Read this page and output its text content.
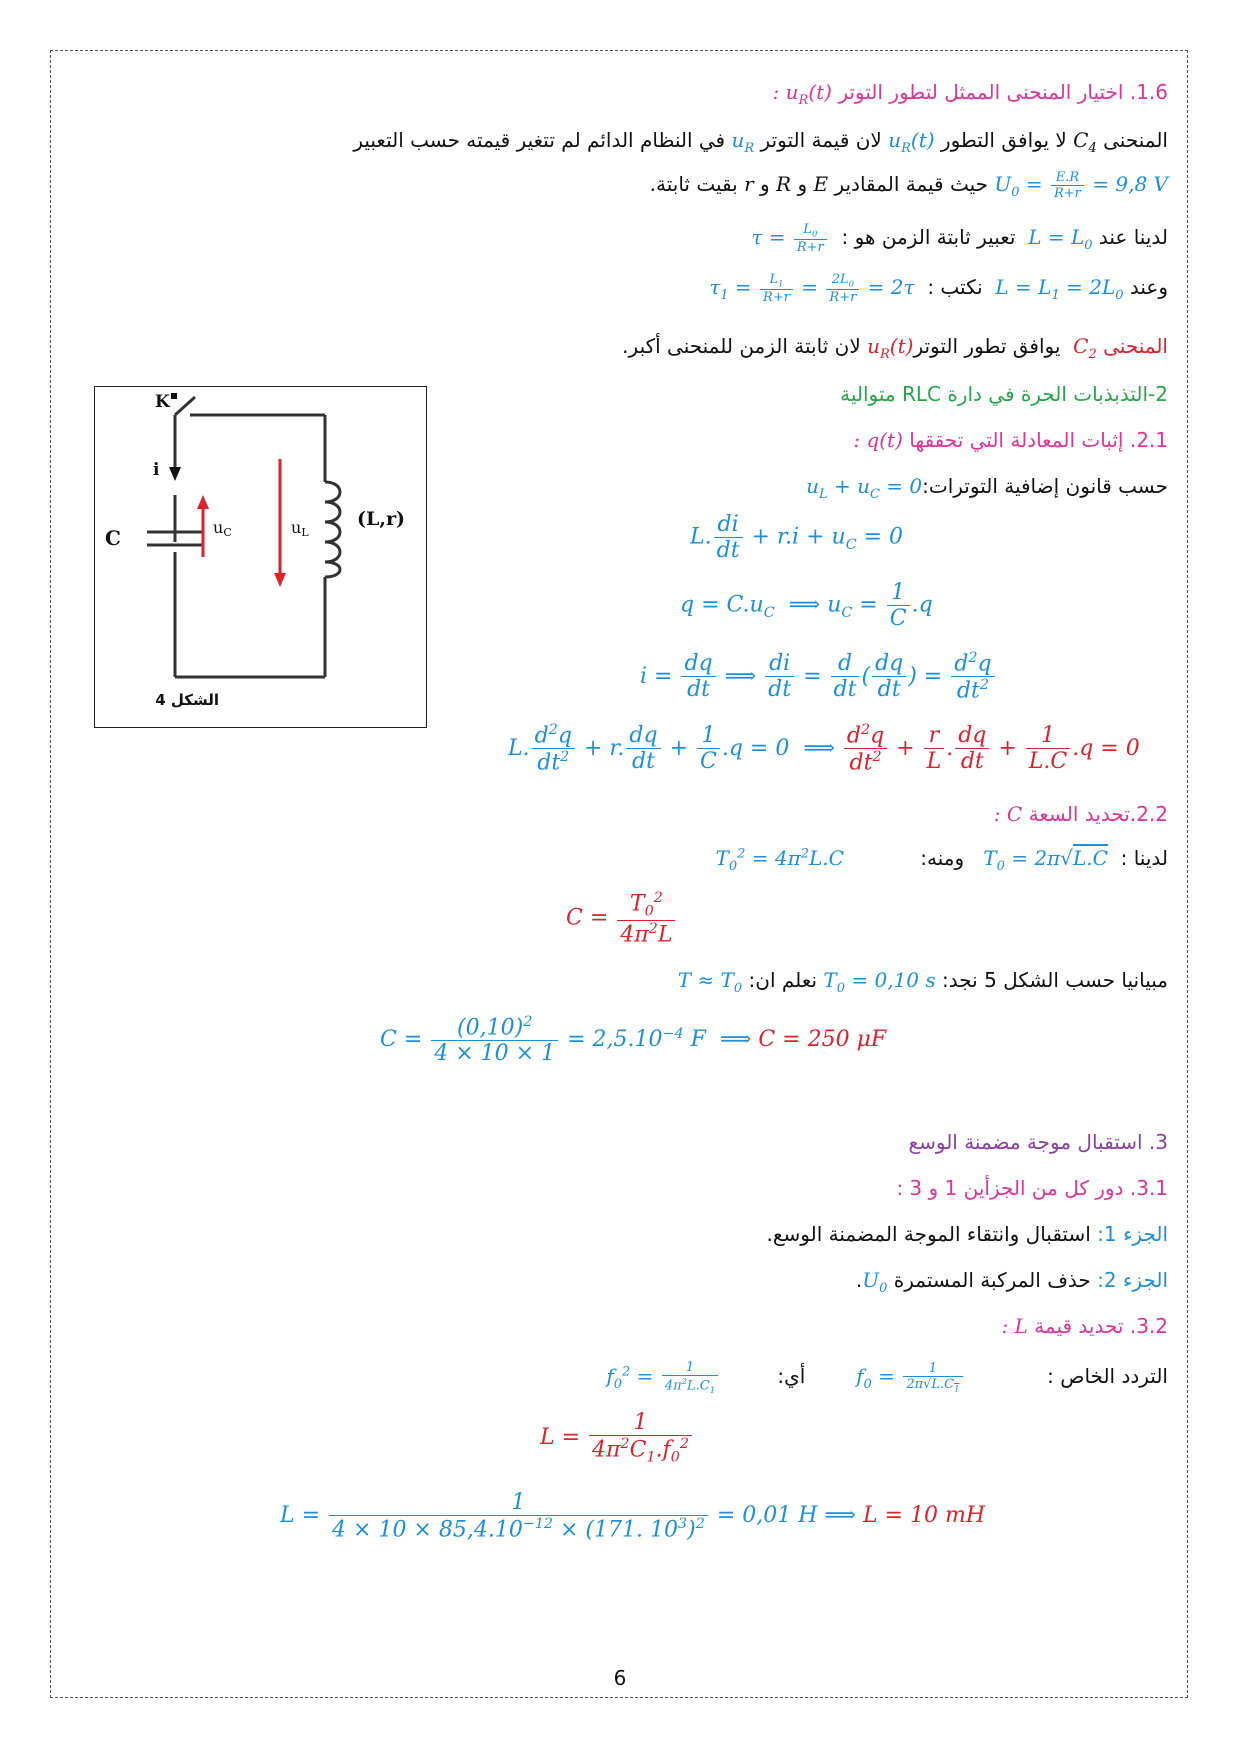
1.6. اختيار المنحنى الممثل لتطور التوتر $u_R(t)$ :
المنحنى $C_4$ لا يوافق التطور $u_R(t)$ لان قيمة التوتر $u_R$ في النظام الدائم لم تتغير قيمته حسب التعبير
$U_0 = \frac{E.R}{R+r} = 9,8$ V حيث قيمة المقادير E و R و r بقيت ثابتة.
لدينا عند $L = L_0$  تعبير ثابتة الزمن هو :  $\tau = \frac{L_0}{R+r}$
وعند $L = L_1 = 2L_0$  نكتب :  $\tau_1 = \frac{L_1}{R+r} = \frac{2L_0}{R+r} = 2\tau$
المنحنى $C_2$  يوافق تطور التوترu$_R$(t) لان ثابتة الزمن للمنحنى أكبر.
2-التذبذبات الحرة في دارة RLC متوالية
2.1. إثبات المعادلة التي تحققها q(t) :
حسب قانون إضافية $التوترات:u_L + u_C = 0$
L. $\frac{di}{dt} + r.i + u_C = 0$
$q = C.u_C$  ⟹ $u_C = \frac{1}{C} .q$
$i = \frac{dq}{dt}$ ⟹ $\frac{di}{dt} = \frac{d}{dt}$ ( $\frac{dq}{dt}$ ) = $\frac{d^2q}{dt^2}$
L. $\frac{d^2q}{dt^2} + r$. $\frac{dq}{dt} + \frac{1}{C} .q = 0$  ⟹ $\frac{d^2q}{dt^2} + \frac{r}{L}$ . $\frac{dq}{dt} + \frac{1}{L.C} .q = 0$
2.2.تحديد السعة C :
لدينا :  $T_0 = 2\pi√L.C$   ومنه:            $T_0^2 = 4\pi^2L.C$
$C = \frac{T_0^2}{4\pi^2L}$
مبيانيا حسب الشكل 5 نجد: $T_0 = 0,10$ s نعلم ان: $T \approx T_0$
$C = \frac{(0,10)^2}{4 \times 10 \times 1} = 2,5.10^{-4}$ F  ⟹ C = 250 μF
3. استقبال موجة مضمنة الوسع
3.1. دور كل من الجزأين 1 و 3 :
الجزء 1: استقبال وانتقاء الموجة المضمنة الوسع.
الجزء 2: حذف المركبة المستمرة $U_0$.
3.2. تحديد قيمة L :
التردد الخاص :             $f_0 = \frac{1}{2\pi√L.C_1}$
أي:         $f_0^2 = \frac{1}{4\pi^2L.C_1}$
$L = \frac{1}{4\pi^2C_1.f_0^2}$
$L = \frac{1}{4 \times 10 \times 85,4.10^{-12} \times (171. 10^3)^2} = 0,01$ H ⟹ L = 10 mH
K
i
C	uC	uL
(L,r)
الشكل 4
6
